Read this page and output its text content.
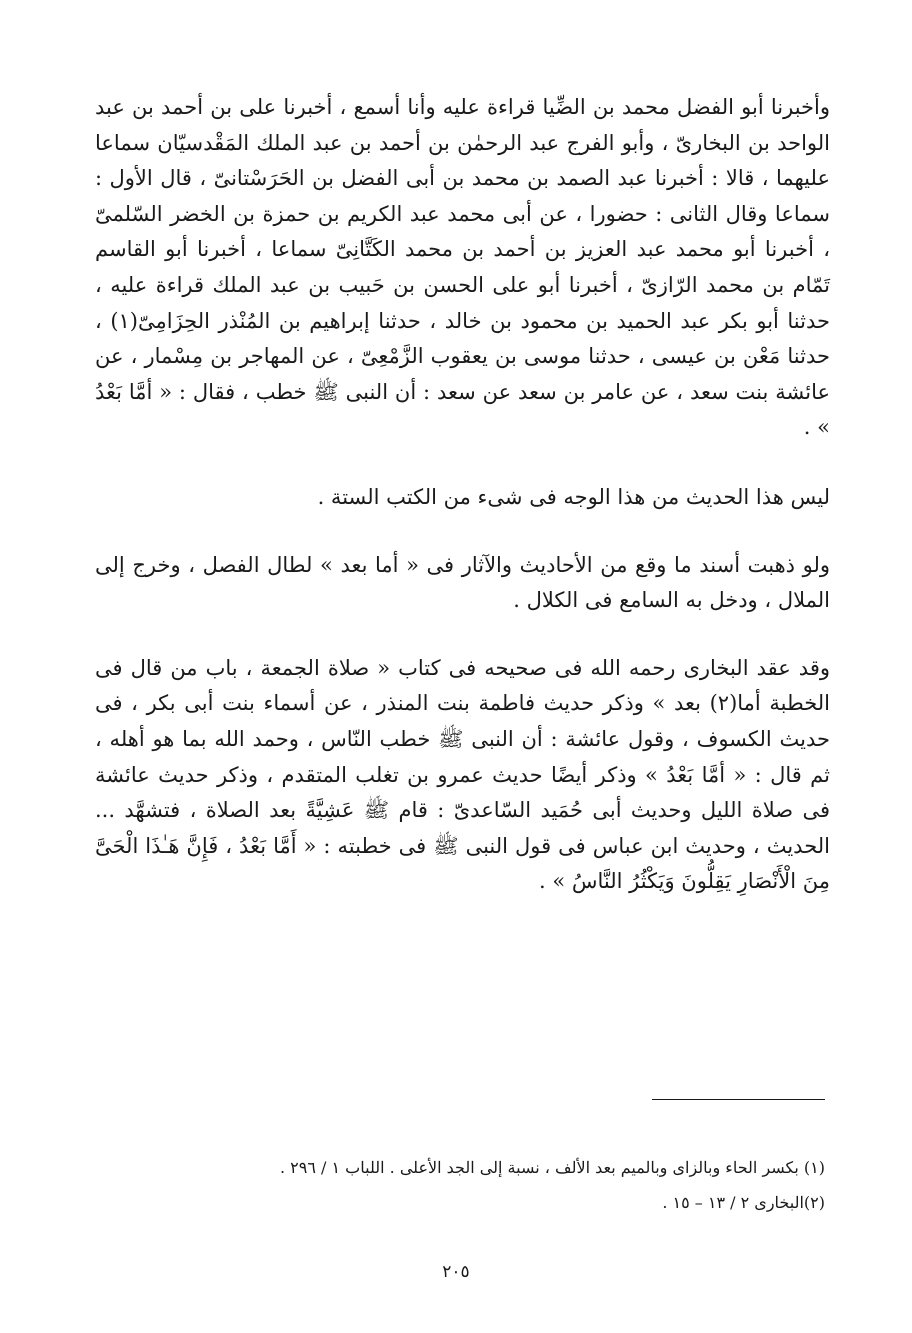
وأخبرنا أبو الفضل محمد بن الضِّيا قراءة عليه وأنا أسمع ، أخبرنا على بن أحمد بن عبد الواحد بن البخارىّ ، وأبو الفرج عبد الرحمٰن بن أحمد بن عبد الملك المَقْدسيّان سماعا عليهما ، قالا : أخبرنا عبد الصمد بن محمد بن أبى الفضل بن الحَرَسْتانىّ ، قال الأول : سماعا وقال الثانى : حضورا ، عن أبى محمد عبد الكريم بن حمزة بن الخضر السّلمىّ ، أخبرنا أبو محمد عبد العزيز بن أحمد بن محمد الكَتَّانِىّ سماعا ، أخبرنا أبو القاسم تَمّام بن محمد الرّازىّ ، أخبرنا أبو على الحسن بن حَبيب بن عبد الملك قراءة عليه ، حدثنا أبو بكر عبد الحميد بن محمود بن خالد ، حدثنا إبراهيم بن المُنْذر الحِزَامِىّ(١) ، حدثنا مَعْن بن عيسى ، حدثنا موسى بن يعقوب الزَّمْعِىّ ، عن المهاجر بن مِسْمار ، عن عائشة بنت سعد ، عن عامر بن سعد عن سعد : أن النبى ﷺ خطب ، فقال : « أمَّا بَعْدُ » .

ليس هذا الحديث من هذا الوجه فى شىء من الكتب الستة .

ولو ذهبت أسند ما وقع من الأحاديث والآثار فى « أما بعد » لطال الفصل ، وخرج إلى الملال ، ودخل به السامع فى الكلال .

وقد عقد البخارى رحمه الله فى صحيحه فى كتاب « صلاة الجمعة ، باب من قال فى الخطبة أما(٢) بعد » وذكر حديث فاطمة بنت المنذر ، عن أسماء بنت أبى بكر ، فى حديث الكسوف ، وقول عائشة : أن النبى ﷺ خطب النّاس ، وحمد الله بما هو أهله ، ثم قال : « أمَّا بَعْدُ » وذكر أيضًا حديث عمرو بن تغلب المتقدم ، وذكر حديث عائشة فى صلاة الليل وحديث أبى حُمَيد السّاعدىّ : قام ﷺ عَشِيَّةً بعد الصلاة ، فتشهَّد ... الحديث ، وحديث ابن عباس فى قول النبى ﷺ فى خطبته : « أَمَّا بَعْدُ ، فَإِنَّ هَـٰذَا الْحَىَّ مِنَ الْأَنْصَارِ يَقِلُّونَ وَيَكْثُرُ النَّاسُ » .

(١) بكسر الحاء وبالزاى وبالميم بعد الألف ، نسبة إلى الجد الأعلى . اللباب ١ / ٢٩٦ .

(٢)البخارى ٢ / ١٣ – ١٥ .

٢٠٥
